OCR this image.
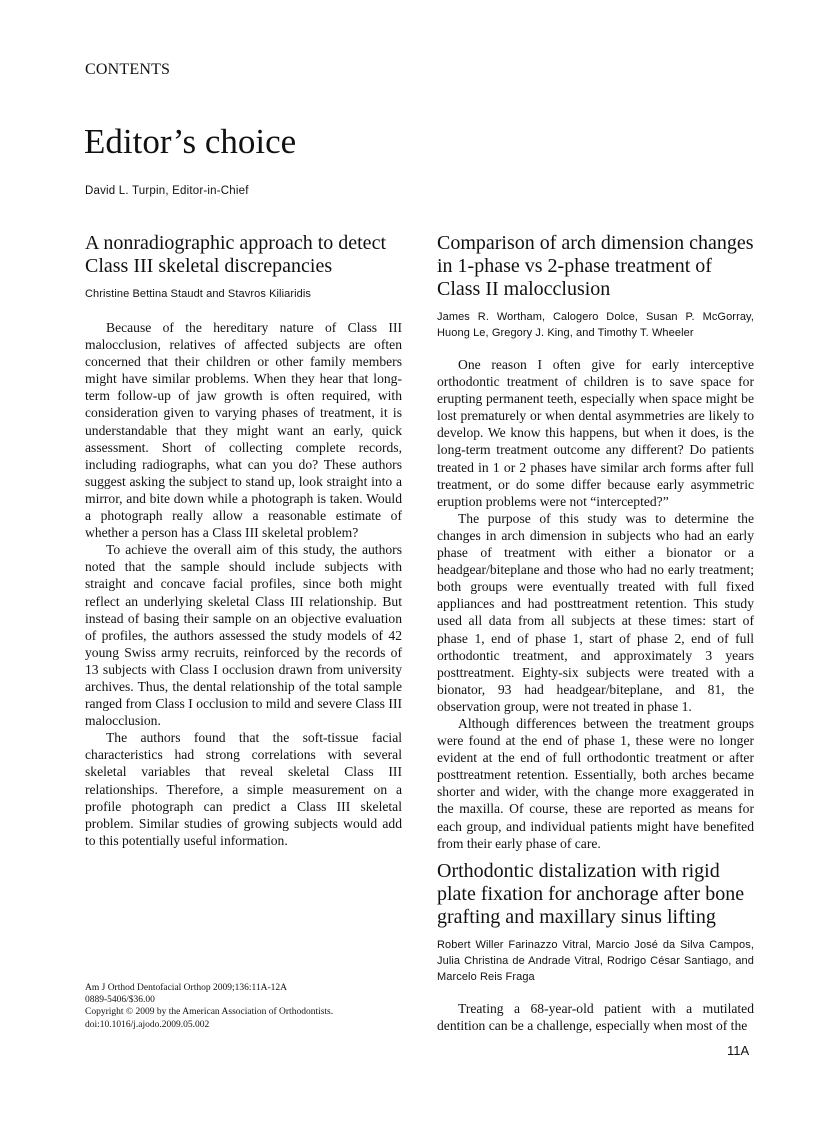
CONTENTS
Editor’s choice
David L. Turpin, Editor-in-Chief
A nonradiographic approach to detect Class III skeletal discrepancies
Christine Bettina Staudt and Stavros Kiliaridis

Because of the hereditary nature of Class III malocclusion, relatives of affected subjects are often concerned that their children or other family members might have similar problems. When they hear that long-term follow-up of jaw growth is often required, with consideration given to varying phases of treatment, it is understandable that they might want an early, quick assessment. Short of collecting complete records, including radiographs, what can you do? These authors suggest asking the subject to stand up, look straight into a mirror, and bite down while a photograph is taken. Would a photograph really allow a reasonable estimate of whether a person has a Class III skeletal problem?

To achieve the overall aim of this study, the authors noted that the sample should include subjects with straight and concave facial profiles, since both might reflect an underlying skeletal Class III relationship. But instead of basing their sample on an objective evaluation of profiles, the authors assessed the study models of 42 young Swiss army recruits, reinforced by the records of 13 subjects with Class I occlusion drawn from university archives. Thus, the dental relationship of the total sample ranged from Class I occlusion to mild and severe Class III malocclusion.

The authors found that the soft-tissue facial characteristics had strong correlations with several skeletal variables that reveal skeletal Class III relationships. Therefore, a simple measurement on a profile photograph can predict a Class III skeletal problem. Similar studies of growing subjects would add to this potentially useful information.

Comparison of arch dimension changes in 1-phase vs 2-phase treatment of Class II malocclusion
James R. Wortham, Calogero Dolce, Susan P. McGorray, Huong Le, Gregory J. King, and Timothy T. Wheeler

One reason I often give for early interceptive orthodontic treatment of children is to save space for erupting permanent teeth, especially when space might be lost prematurely or when dental asymmetries are likely to develop. We know this happens, but when it does, is the long-term treatment outcome any different? Do patients treated in 1 or 2 phases have similar arch forms after full treatment, or do some differ because early asymmetric eruption problems were not “intercepted?”

The purpose of this study was to determine the changes in arch dimension in subjects who had an early phase of treatment with either a bionator or a headgear/biteplane and those who had no early treatment; both groups were eventually treated with full fixed appliances and had posttreatment retention. This study used all data from all subjects at these times: start of phase 1, end of phase 1, start of phase 2, end of full orthodontic treatment, and approximately 3 years posttreatment. Eighty-six subjects were treated with a bionator, 93 had headgear/biteplane, and 81, the observation group, were not treated in phase 1.

Although differences between the treatment groups were found at the end of phase 1, these were no longer evident at the end of full orthodontic treatment or after posttreatment retention. Essentially, both arches became shorter and wider, with the change more exaggerated in the maxilla. Of course, these are reported as means for each group, and individual patients might have benefited from their early phase of care.

Orthodontic distalization with rigid plate fixation for anchorage after bone grafting and maxillary sinus lifting
Robert Willer Farinazzo Vitral, Marcio José da Silva Campos, Julia Christina de Andrade Vitral, Rodrigo César Santiago, and Marcelo Reis Fraga

Treating a 68-year-old patient with a mutilated dentition can be a challenge, especially when most of the

Am J Orthod Dentofacial Orthop 2009;136:11A-12A
0889-5406/$36.00
Copyright © 2009 by the American Association of Orthodontists.
doi:10.1016/j.ajodo.2009.05.002
11A
